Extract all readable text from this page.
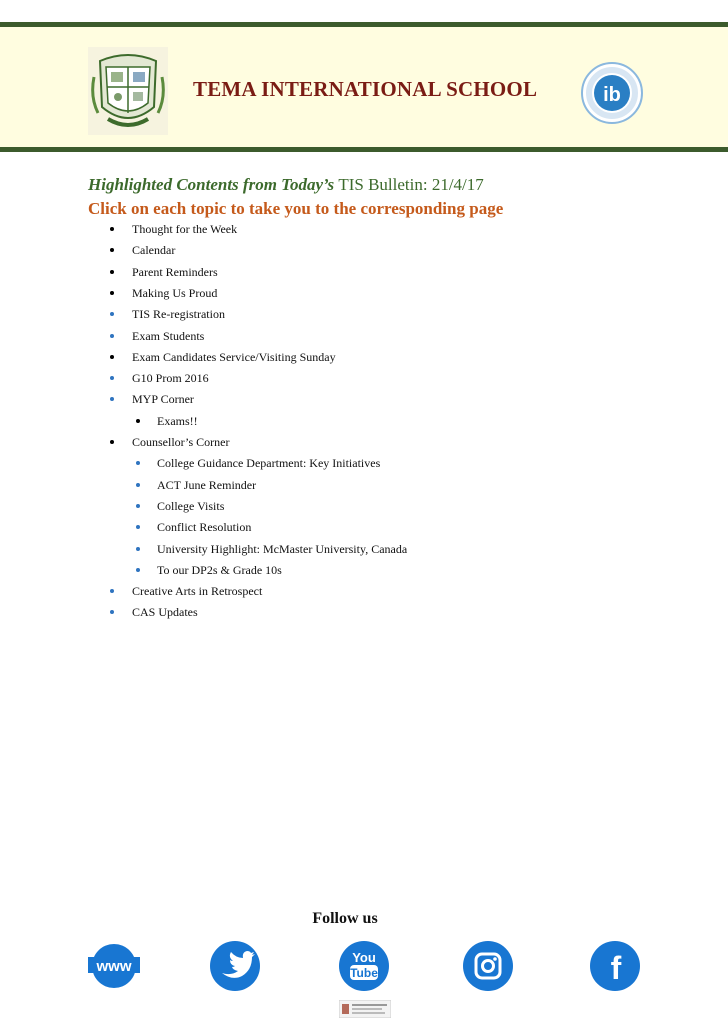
TEMA INTERNATIONAL SCHOOL	ib
Highlighted Contents from Today’s TIS Bulletin: 21/4/17
Click on each topic to take you to the corresponding page
Thought for the Week
Calendar
Parent Reminders
Making Us Proud
TIS Re-registration
Exam Students
Exam Candidates Service/Visiting Sunday
G10 Prom 2016
MYP Corner
Exams!!
Counsellor’s Corner
College Guidance Department: Key Initiatives
ACT June Reminder
College Visits
Conflict Resolution
University Highlight: McMaster University, Canada
To our DP2s & Grade 10s
Creative Arts in Retrospect
CAS Updates
Follow us
www
You
Tube	f
